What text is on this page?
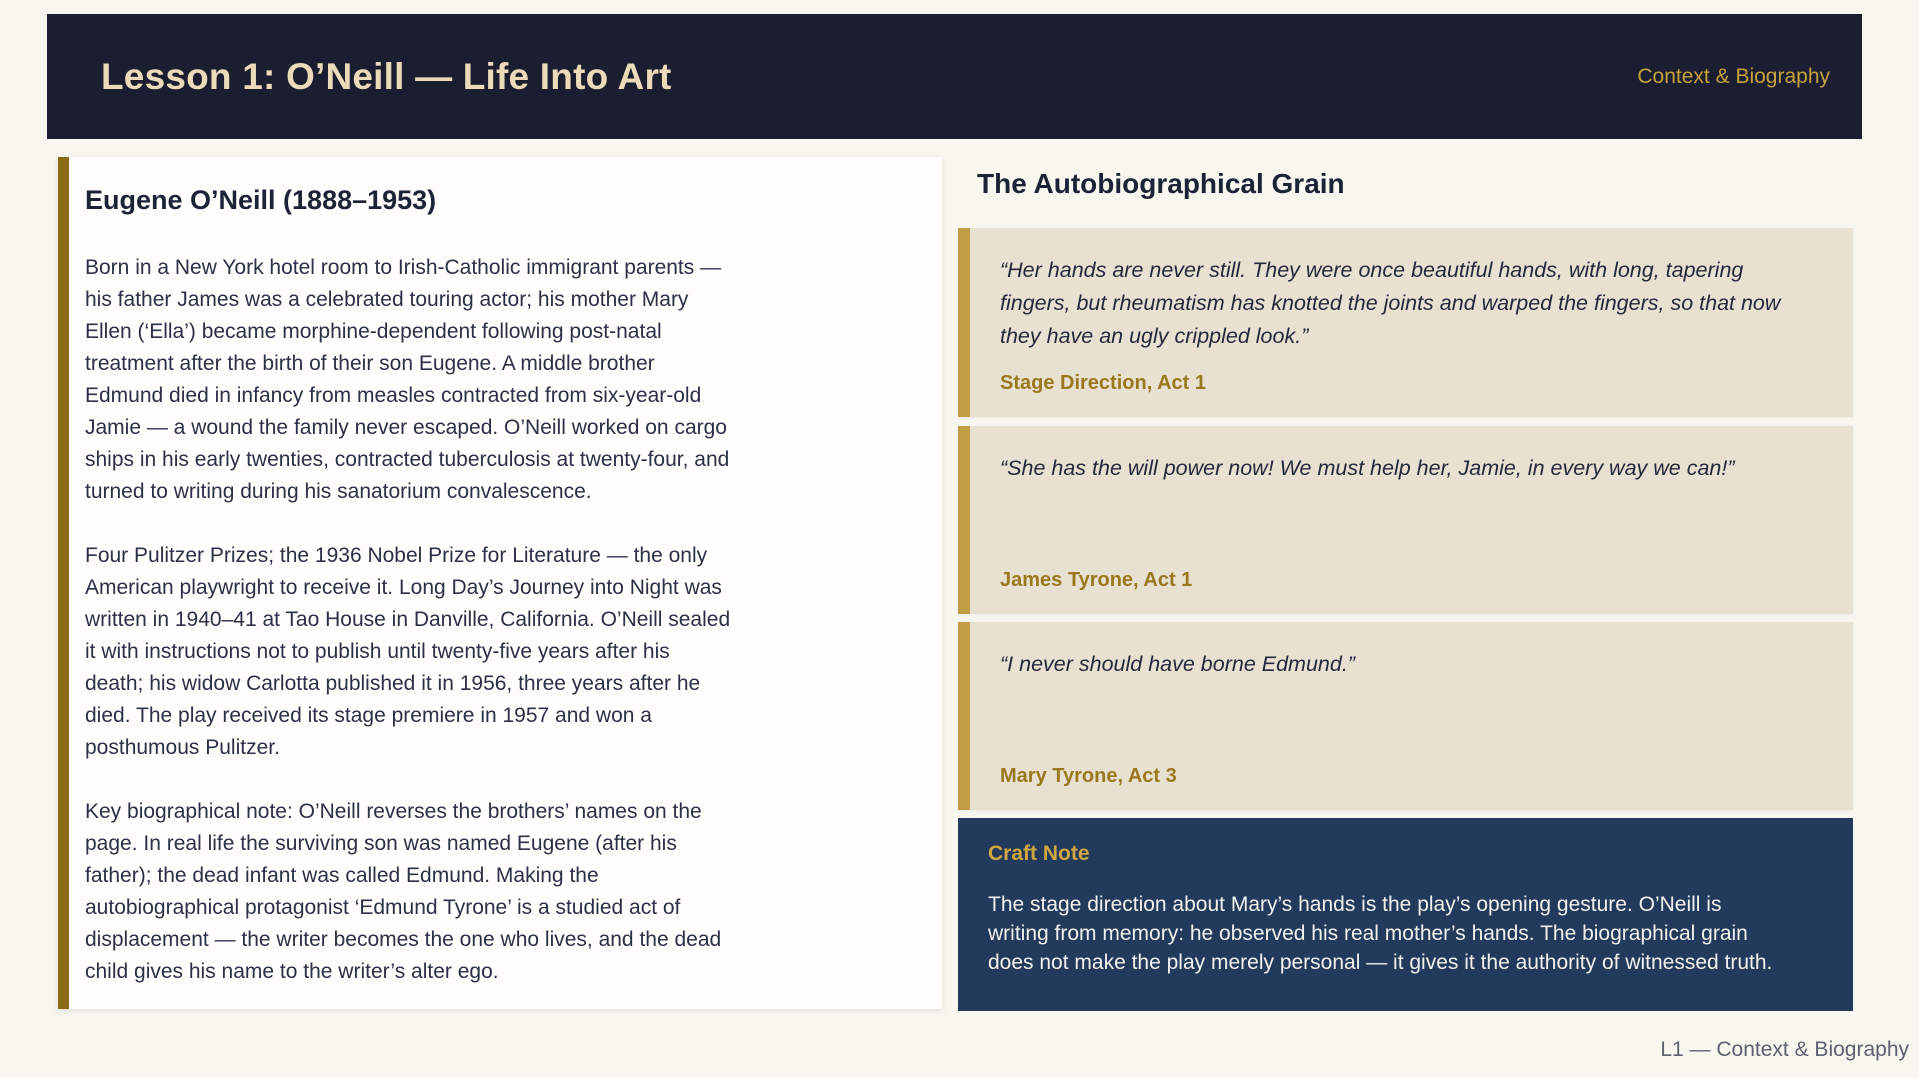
Lesson 1: O’Neill — Life Into Art	Context & Biography
Eugene O’Neill (1888–1953)
Born in a New York hotel room to Irish-Catholic immigrant parents — his father James was a celebrated touring actor; his mother Mary Ellen (‘Ella’) became morphine-dependent following post-natal treatment after the birth of their son Eugene. A middle brother Edmund died in infancy from measles contracted from six-year-old Jamie — a wound the family never escaped. O’Neill worked on cargo ships in his early twenties, contracted tuberculosis at twenty-four, and turned to writing during his sanatorium convalescence.
Four Pulitzer Prizes; the 1936 Nobel Prize for Literature — the only American playwright to receive it. Long Day’s Journey into Night was written in 1940–41 at Tao House in Danville, California. O’Neill sealed it with instructions not to publish until twenty-five years after his death; his widow Carlotta published it in 1956, three years after he died. The play received its stage premiere in 1957 and won a posthumous Pulitzer.
Key biographical note: O’Neill reverses the brothers’ names on the page. In real life the surviving son was named Eugene (after his father); the dead infant was called Edmund. Making the autobiographical protagonist ‘Edmund Tyrone’ is a studied act of displacement — the writer becomes the one who lives, and the dead child gives his name to the writer’s alter ego.
The Autobiographical Grain
“Her hands are never still. They were once beautiful hands, with long, tapering fingers, but rheumatism has knotted the joints and warped the fingers, so that now they have an ugly crippled look.”
Stage Direction, Act 1
“She has the will power now! We must help her, Jamie, in every way we can!”
James Tyrone, Act 1
“I never should have borne Edmund.”
Mary Tyrone, Act 3
Craft Note
The stage direction about Mary’s hands is the play’s opening gesture. O’Neill is writing from memory: he observed his real mother’s hands. The biographical grain does not make the play merely personal — it gives it the authority of witnessed truth.
L1 — Context & Biography
